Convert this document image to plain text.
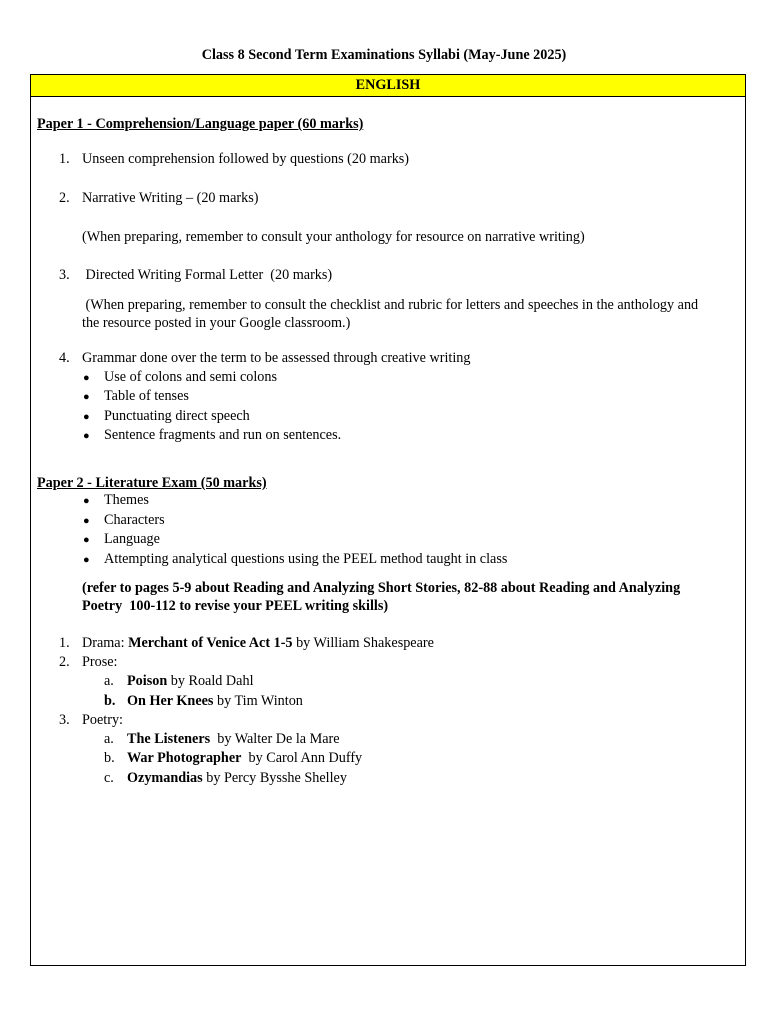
Class 8 Second Term Examinations Syllabi (May-June 2025)
ENGLISH
Paper 1 - Comprehension/Language paper (60 marks)
1. Unseen comprehension followed by questions (20 marks)
2. Narrative Writing – (20 marks)
(When preparing, remember to consult your anthology for resource on narrative writing)
3. Directed Writing Formal Letter  (20 marks)
(When preparing, remember to consult the checklist and rubric for letters and speeches in the anthology and
the resource posted in your Google classroom.)
4. Grammar done over the term to be assessed through creative writing
● Use of colons and semi colons
● Table of tenses
● Punctuating direct speech
● Sentence fragments and run on sentences.
Paper 2 - Literature Exam (50 marks)
● Themes
● Characters
● Language
● Attempting analytical questions using the PEEL method taught in class
(refer to pages 5-9 about Reading and Analyzing Short Stories, 82-88 about Reading and Analyzing
Poetry  100-112 to revise your PEEL writing skills)
1. Drama: Merchant of Venice Act 1-5 by William Shakespeare
2. Prose:
a. Poison by Roald Dahl
b. On Her Knees by Tim Winton
3. Poetry:
a. The Listeners  by Walter De la Mare
b. War Photographer  by Carol Ann Duffy
c. Ozymandias by Percy Bysshe Shelley
